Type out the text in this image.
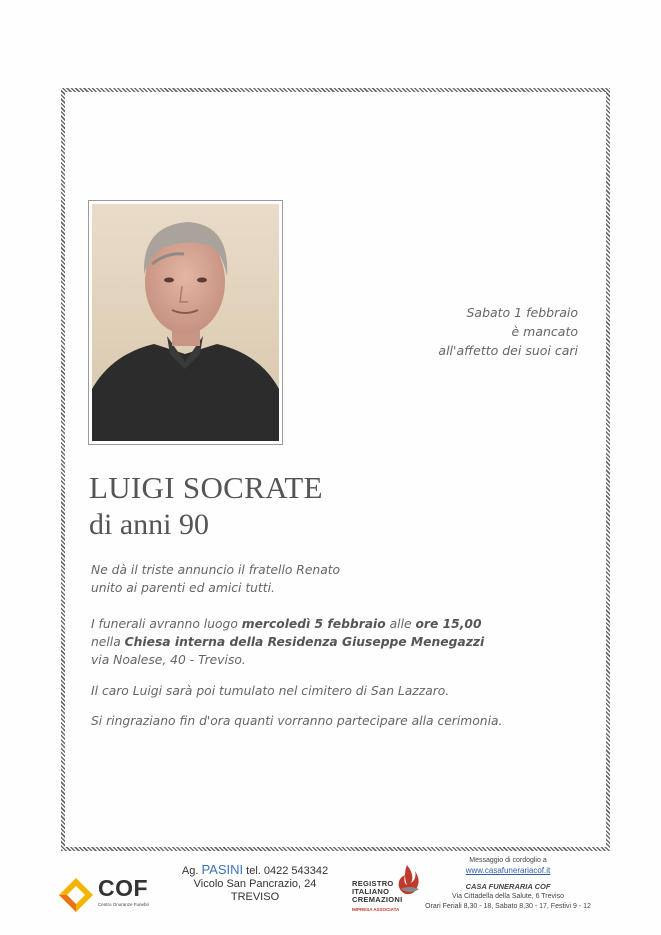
Sabato 1 febbraio
è mancato
all'affetto dei suoi cari
LUIGI SOCRATE
di anni 90
Ne dà il triste annuncio il fratello Renato
unito ai parenti ed amici tutti.
I funerali avranno luogo mercoledì 5 febbraio alle ore 15,00
nella Chiesa interna della Residenza Giuseppe Menegazzi
via Noalese, 40 - Treviso.
Il caro Luigi sarà poi tumulato nel cimitero di San Lazzaro.
Si ringraziano fin d'ora quanti vorranno partecipare alla cerimonia.
COF
Centro Onoranze Funebri
Ag. PASINI tel. 0422 543342
Vicolo San Pancrazio, 24
TREVISO
REGISTRO
ITALIANO
CREMAZIONI
IMPRESA ASSOCIATA
Messaggio di cordoglio a
www.casafunerariacof.it
CASA FUNERARIA COF
Via Cittadella della Salute, 6 Treviso
Orari Feriali 8,30 - 18, Sabato 8,30 - 17, Festivi 9 - 12
